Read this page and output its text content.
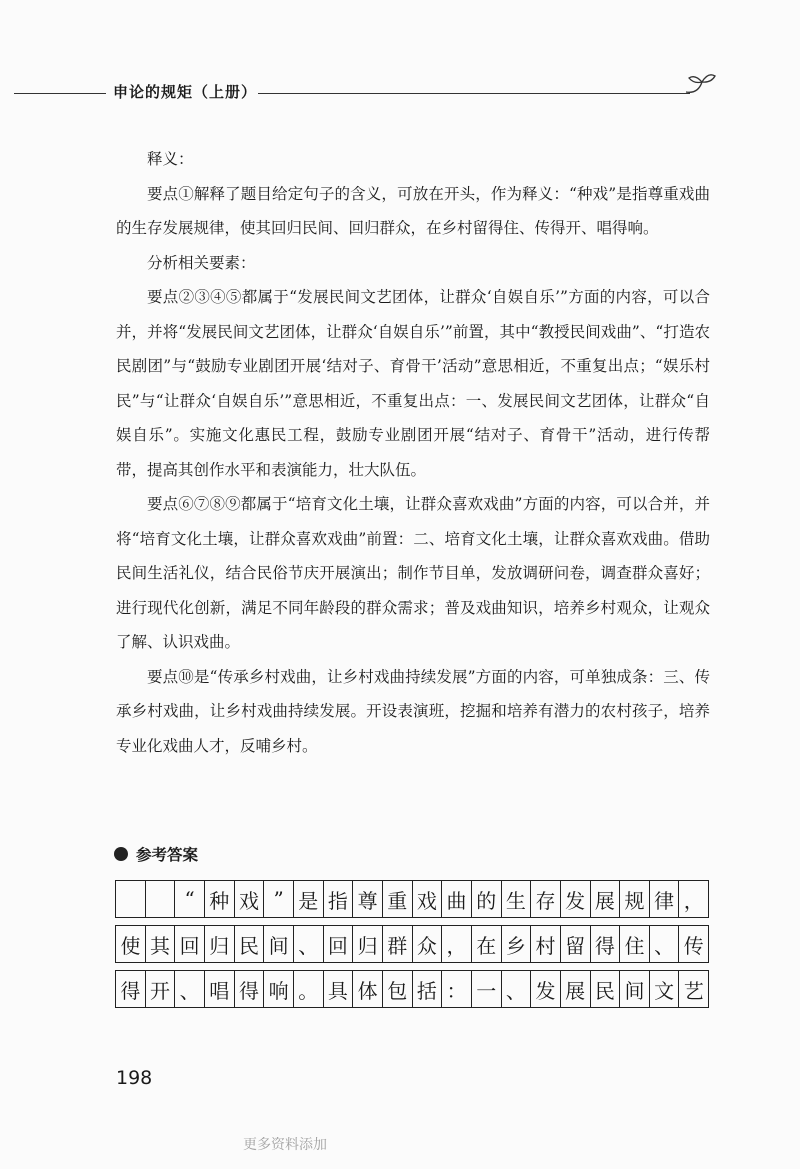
申论的规矩（上册）
释义：

要点①解释了题目给定句子的含义，可放在开头，作为释义：“种戏”是指尊重戏曲的生存发展规律，使其回归民间、回归群众，在乡村留得住、传得开、唱得响。

分析相关要素：

要点②③④⑤都属于“发展民间文艺团体，让群众‘自娱自乐’”方面的内容，可以合并，并将“发展民间文艺团体，让群众‘自娱自乐’”前置，其中“教授民间戏曲”、“打造农民剧团”与“鼓励专业剧团开展‘结对子、育骨干’活动”意思相近，不重复出点；“娱乐村民”与“让群众‘自娱自乐’”意思相近，不重复出点：一、发展民间文艺团体，让群众“自娱自乐”。实施文化惠民工程，鼓励专业剧团开展“结对子、育骨干”活动，进行传帮带，提高其创作水平和表演能力，壮大队伍。

要点⑥⑦⑧⑨都属于“培育文化土壤，让群众喜欢戏曲”方面的内容，可以合并，并将“培育文化土壤，让群众喜欢戏曲”前置：二、培育文化土壤，让群众喜欢戏曲。借助民间生活礼仪，结合民俗节庆开展演出；制作节目单，发放调研问卷，调查群众喜好；进行现代化创新，满足不同年龄段的群众需求；普及戏曲知识，培养乡村观众，让观众了解、认识戏曲。

要点⑩是“传承乡村戏曲，让乡村戏曲持续发展”方面的内容，可单独成条：三、传承乡村戏曲，让乡村戏曲持续发展。开设表演班，挖掘和培养有潜力的农村孩子，培养专业化戏曲人才，反哺乡村。

参考答案
“ 种 戏 ” 是 指 尊 重 戏 曲 的 生 存 发 展 规 律 ，
使 其 回 归 民 间 、 回 归 群 众 ， 在 乡 村 留 得 住 、 传
得 开 、 唱 得 响 。 具 体 包 括 ： 一 、 发 展 民 间 文 艺
198
更多资料添加
